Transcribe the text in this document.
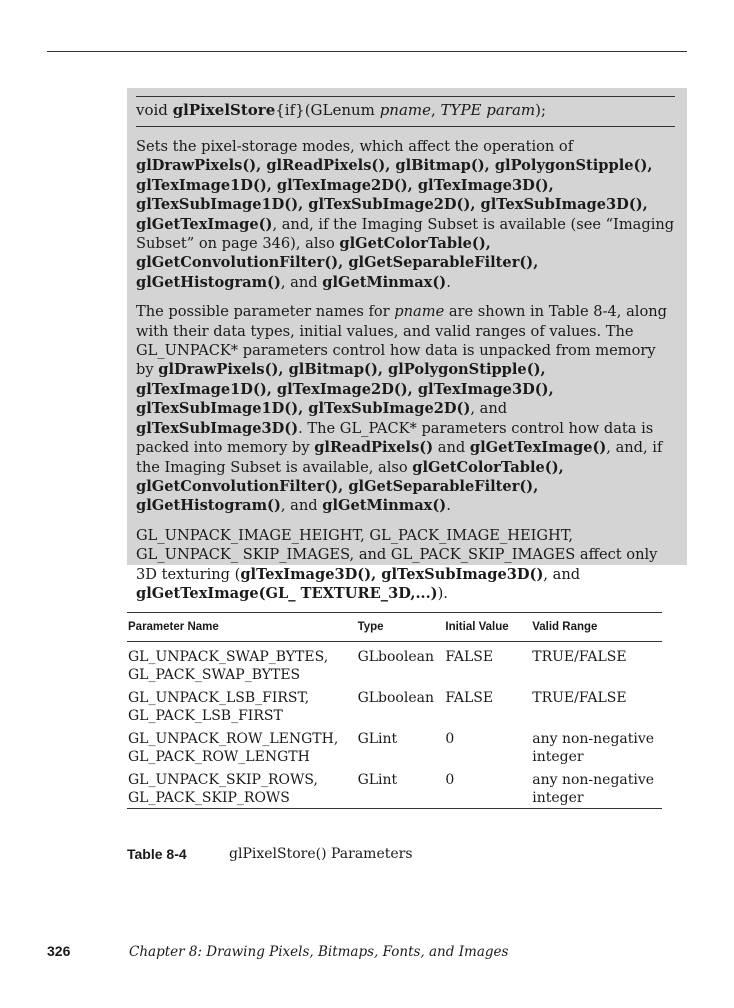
void glPixelStore{if}(GLenum pname, TYPE param);

Sets the pixel-storage modes, which affect the operation of glDrawPixels(), glReadPixels(), glBitmap(), glPolygonStipple(), glTexImage1D(), glTexImage2D(), glTexImage3D(), glTexSubImage1D(), glTexSubImage2D(), glTexSubImage3D(), glGetTexImage(), and, if the Imaging Subset is available (see “Imaging Subset” on page 346), also glGetColorTable(), glGetConvolutionFilter(), glGetSeparableFilter(), glGetHistogram(), and glGetMinmax().

The possible parameter names for pname are shown in Table 8-4, along with their data types, initial values, and valid ranges of values. The GL_UNPACK* parameters control how data is unpacked from memory by glDrawPixels(), glBitmap(), glPolygonStipple(), glTexImage1D(), glTexImage2D(), glTexImage3D(), glTexSubImage1D(), glTexSubImage2D(), and glTexSubImage3D(). The GL_PACK* parameters control how data is packed into memory by glReadPixels() and glGetTexImage(), and, if the Imaging Subset is available, also glGetColorTable(), glGetConvolutionFilter(), glGetSeparableFilter(), glGetHistogram(), and glGetMinmax().

GL_UNPACK_IMAGE_HEIGHT, GL_PACK_IMAGE_HEIGHT, GL_UNPACK_ SKIP_IMAGES, and GL_PACK_SKIP_IMAGES affect only 3D texturing (glTexImage3D(), glTexSubImage3D(), and glGetTexImage(GL_ TEXTURE_3D,...)).

Parameter Name	Type	Initial Value	Valid Range
GL_UNPACK_SWAP_BYTES,
GL_PACK_SWAP_BYTES
GLboolean FALSE	TRUE/FALSE
GL_UNPACK_LSB_FIRST,
GL_PACK_LSB_FIRST
GLboolean FALSE	TRUE/FALSE
GL_UNPACK_ROW_LENGTH,
GL_PACK_ROW_LENGTH
GLint	0	any non-negative
integer
GL_UNPACK_SKIP_ROWS,
GL_PACK_SKIP_ROWS
GLint	0	any non-negative
integer
Table 8-4	glPixelStore() Parameters
326	Chapter 8: Drawing Pixels, Bitmaps, Fonts, and Images
